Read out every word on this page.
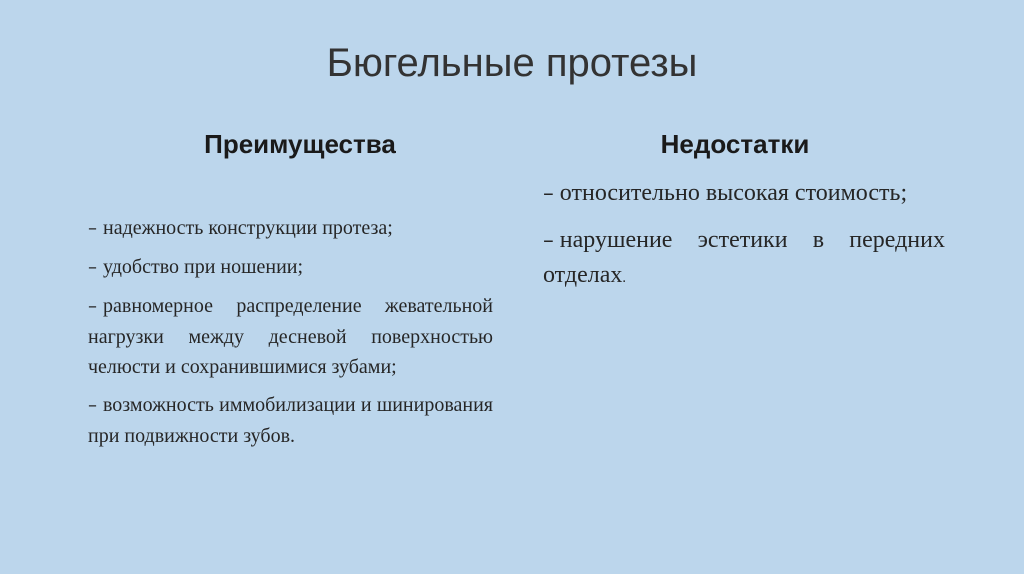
Бюгельные протезы
Преимущества	Недостатки
– надежность конструкции протеза;
– удобство при ношении;
– равномерное распределение жевательной нагрузки между десневой поверхностью челюсти и сохранившимися зубами;
– возможность иммобилизации и шинирования при подвижности зубов.
– относительно высокая стоимость;
– нарушение эстетики в передних отделах.
